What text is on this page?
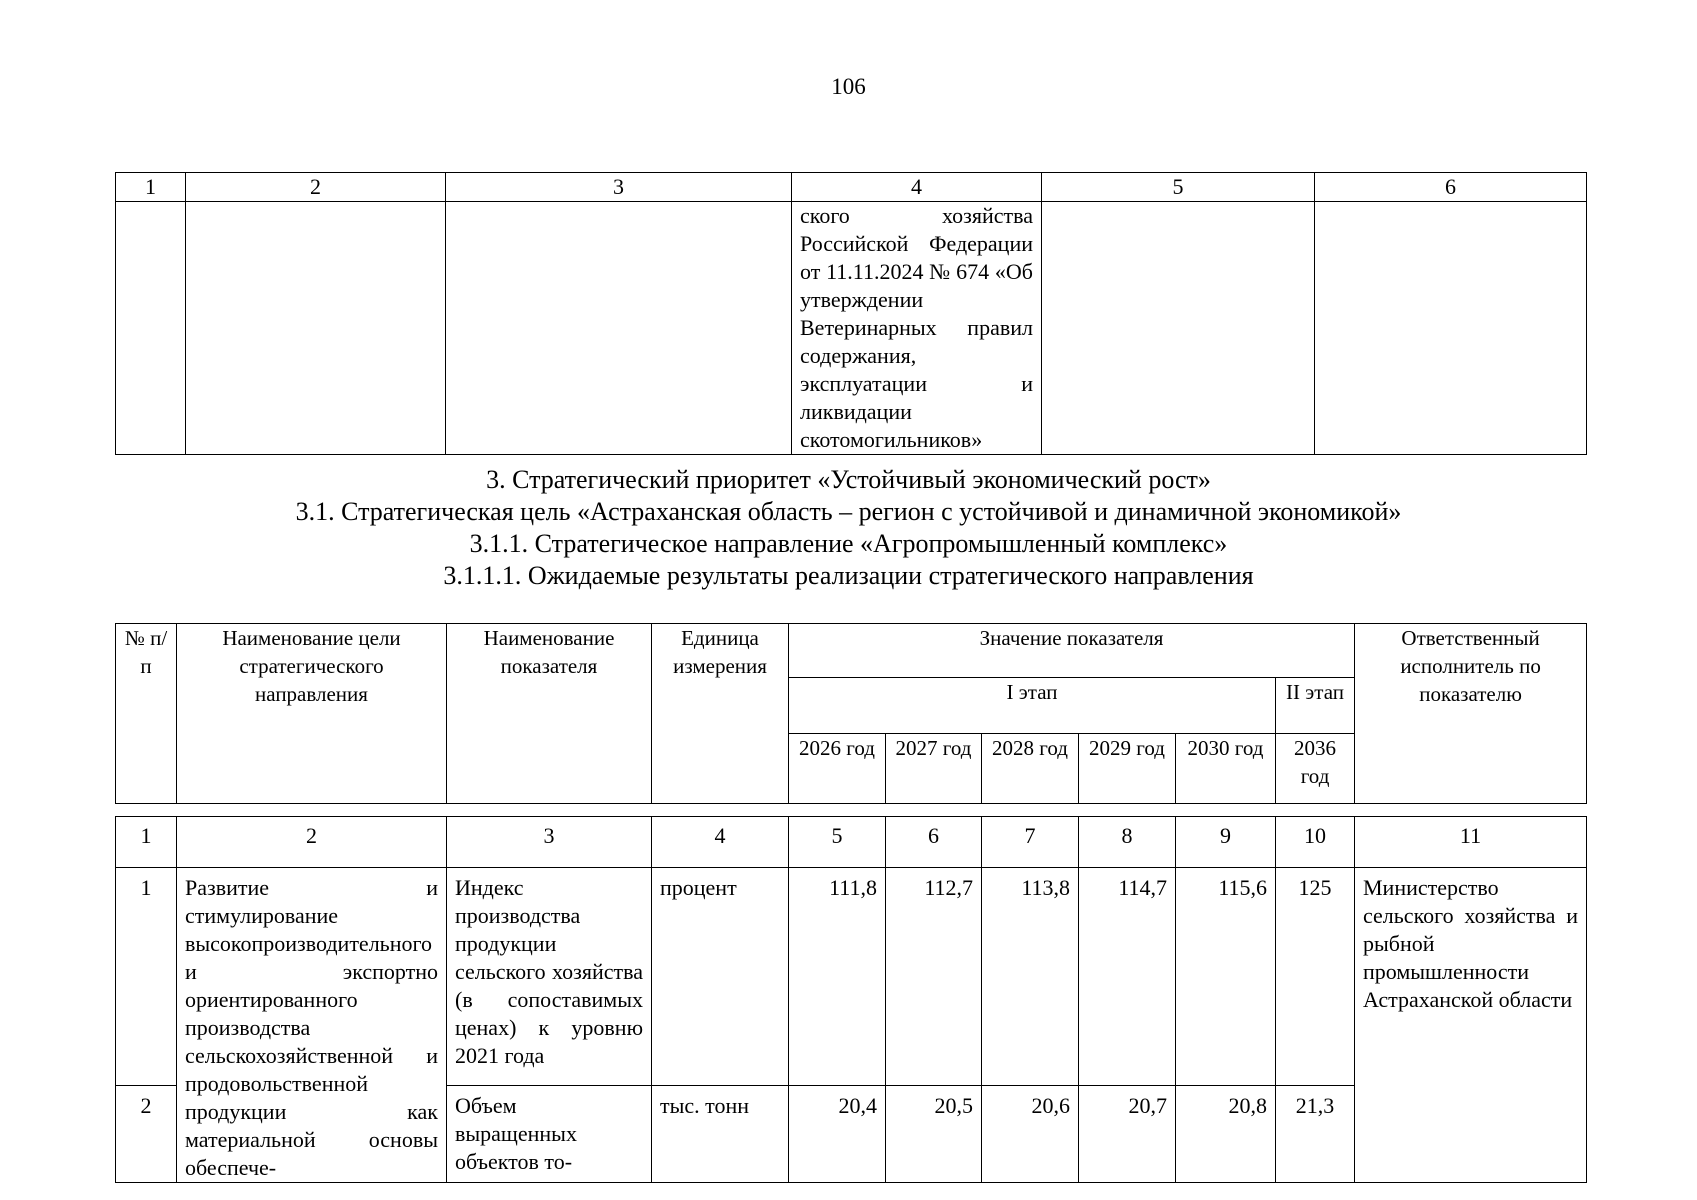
106
1	2	3	4	5	6
			ского хозяйства Российской Федерации от 11.11.2024 № 674 «Об утверждении Ветеринарных правил содержания, эксплуатации и ликвидации скотомогильников»		
3. Стратегический приоритет «Устойчивый экономический рост»
3.1. Стратегическая цель «Астраханская область – регион с устойчивой и динамичной экономикой»
3.1.1. Стратегическое направление «Агропромышленный комплекс»
3.1.1.1. Ожидаемые результаты реализации стратегического направления
№ п/п	Наименование цели стратегического направления	Наименование показателя	Единица измерения	Значение показателя						Ответственный исполнитель по показателю
				I этап					II этап	
				2026 год	2027 год	2028 год	2029 год	2030 год	2036 год	
1	2	3	4	5	6	7	8	9	10	11
1	Развитие и стимулирование высокопроизводительного и экспортно ориентированного производства сельскохозяйственной и продовольственной продукции как материальной основы обеспече-	Индекс производства продукции сельского хозяйства (в сопоставимых ценах) к уровню 2021 года	процент	111,8	112,7	113,8	114,7	115,6	125	Министерство сельского хозяйства и рыбной промышленности Астраханской области
2		Объем выращенных объектов то-	тыс. тонн	20,4	20,5	20,6	20,7	20,8	21,3	
